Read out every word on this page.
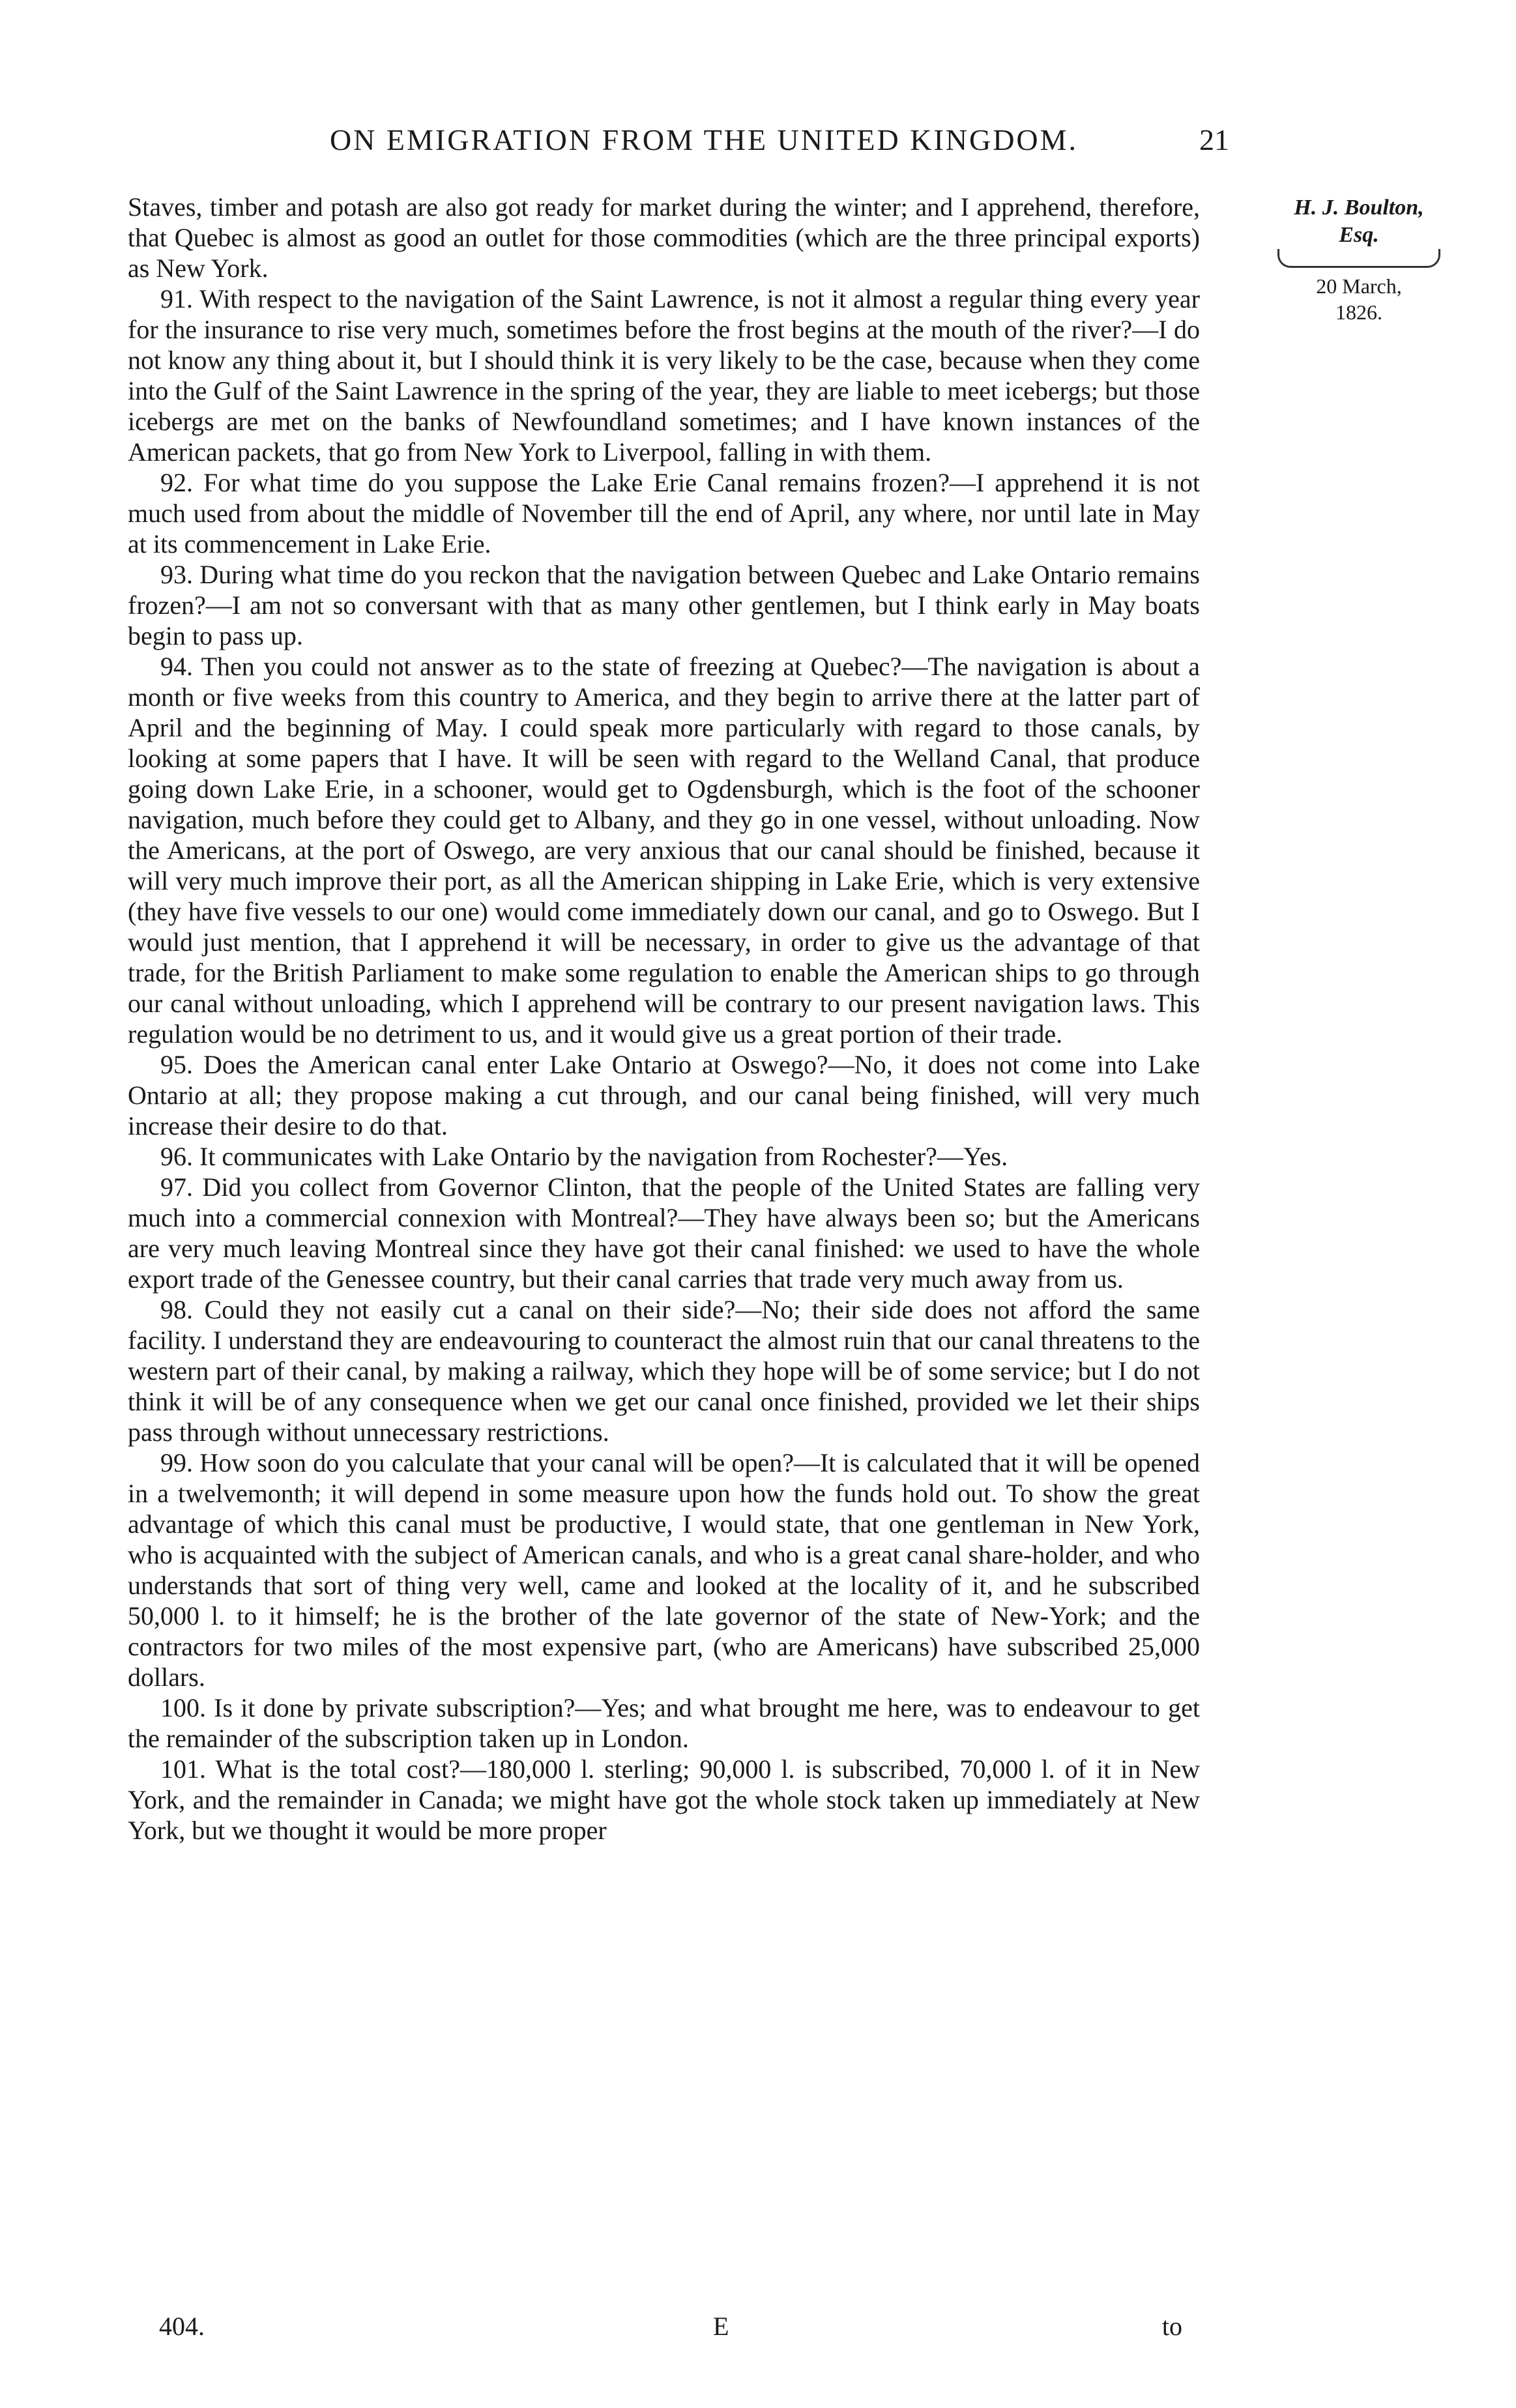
ON EMIGRATION FROM THE UNITED KINGDOM.	21
H. J. Boulton,
Esq.
20 March,
1826.

Staves, timber and potash are also got ready for market during the winter; and I apprehend, therefore, that Quebec is almost as good an outlet for those commodities (which are the three principal exports) as New York.

91. With respect to the navigation of the Saint Lawrence, is not it almost a regular thing every year for the insurance to rise very much, sometimes before the frost begins at the mouth of the river?—I do not know any thing about it, but I should think it is very likely to be the case, because when they come into the Gulf of the Saint Lawrence in the spring of the year, they are liable to meet icebergs; but those icebergs are met on the banks of Newfoundland sometimes; and I have known instances of the American packets, that go from New York to Liverpool, falling in with them.

92. For what time do you suppose the Lake Erie Canal remains frozen?—I apprehend it is not much used from about the middle of November till the end of April, any where, nor until late in May at its commencement in Lake Erie.

93. During what time do you reckon that the navigation between Quebec and Lake Ontario remains frozen?—I am not so conversant with that as many other gentlemen, but I think early in May boats begin to pass up.

94. Then you could not answer as to the state of freezing at Quebec?—The navigation is about a month or five weeks from this country to America, and they begin to arrive there at the latter part of April and the beginning of May. I could speak more particularly with regard to those canals, by looking at some papers that I have. It will be seen with regard to the Welland Canal, that produce going down Lake Erie, in a schooner, would get to Ogdensburgh, which is the foot of the schooner navigation, much before they could get to Albany, and they go in one vessel, without unloading. Now the Americans, at the port of Oswego, are very anxious that our canal should be finished, because it will very much improve their port, as all the American shipping in Lake Erie, which is very extensive (they have five vessels to our one) would come immediately down our canal, and go to Oswego. But I would just mention, that I apprehend it will be necessary, in order to give us the advantage of that trade, for the British Parliament to make some regulation to enable the American ships to go through our canal without unloading, which I apprehend will be contrary to our present navigation laws. This regulation would be no detriment to us, and it would give us a great portion of their trade.

95. Does the American canal enter Lake Ontario at Oswego?—No, it does not come into Lake Ontario at all; they propose making a cut through, and our canal being finished, will very much increase their desire to do that.

96. It communicates with Lake Ontario by the navigation from Rochester?—Yes.

97. Did you collect from Governor Clinton, that the people of the United States are falling very much into a commercial connexion with Montreal?—They have always been so; but the Americans are very much leaving Montreal since they have got their canal finished: we used to have the whole export trade of the Genessee country, but their canal carries that trade very much away from us.

98. Could they not easily cut a canal on their side?—No; their side does not afford the same facility. I understand they are endeavouring to counteract the almost ruin that our canal threatens to the western part of their canal, by making a railway, which they hope will be of some service; but I do not think it will be of any consequence when we get our canal once finished, provided we let their ships pass through without unnecessary restrictions.

99. How soon do you calculate that your canal will be open?—It is calculated that it will be opened in a twelvemonth; it will depend in some measure upon how the funds hold out. To show the great advantage of which this canal must be productive, I would state, that one gentleman in New York, who is acquainted with the subject of American canals, and who is a great canal share-holder, and who understands that sort of thing very well, came and looked at the locality of it, and he subscribed 50,000 l. to it himself; he is the brother of the late governor of the state of New-York; and the contractors for two miles of the most expensive part, (who are Americans) have subscribed 25,000 dollars.

100. Is it done by private subscription?—Yes; and what brought me here, was to endeavour to get the remainder of the subscription taken up in London.

101. What is the total cost?—180,000 l. sterling; 90,000 l. is subscribed, 70,000 l. of it in New York, and the remainder in Canada; we might have got the whole stock taken up immediately at New York, but we thought it would be more proper

404.	E	to
